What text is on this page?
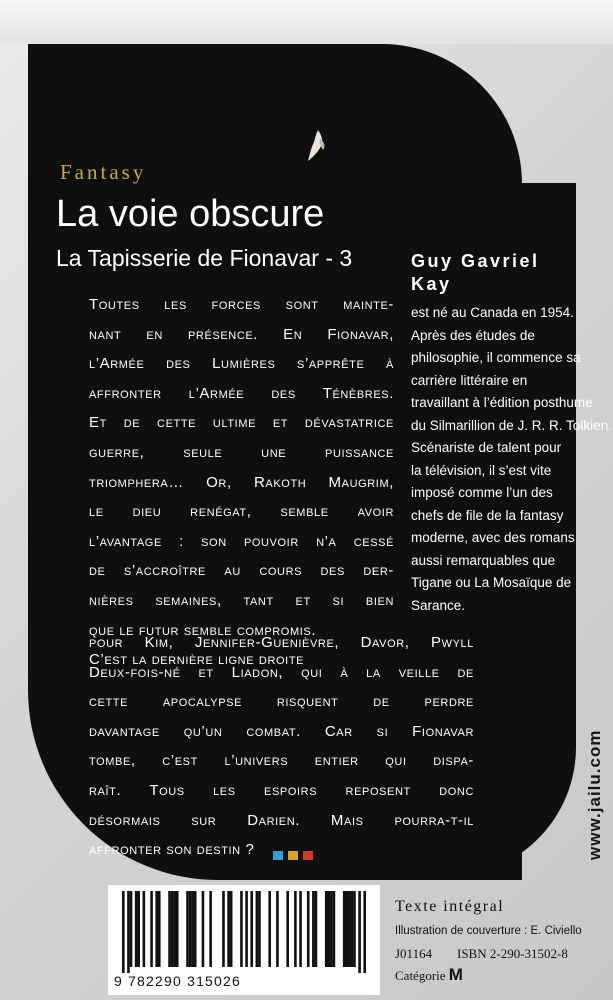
Fantasy
La voie obscure
La Tapisserie de Fionavar - 3	Guy Gavriel
Kay
Toutes les forces sont mainte-
nant en présence. En Fionavar,
l’Armée des Lumières s’apprête à
affronter l’Armée des Ténèbres.
Et de cette ultime et dévastatrice
guerre, seule une puissance
triomphera… Or, Rakoth Maugrim,
le dieu renégat, semble avoir
l’avantage : son pouvoir n’a cessé
de s’accroître au cours des der-
nières semaines, tant et si bien
que le futur semble compromis.
C’est la dernière ligne droite
pour Kim, Jennifer-Guenièvre, Davor, Pwyll
Deux-fois-né et Liadon, qui à la veille de
cette apocalypse risquent de perdre
davantage qu’un combat. Car si Fionavar
tombe, c’est l’univers entier qui dispa-
raît. Tous les espoirs reposent donc
désormais sur Darien. Mais pourra-t-il
affronter son destin ?
est né au Canada en 1954.
Après des études de
philosophie, il commence sa
carrière littéraire en
travaillant à l’édition posthume
du Silmarillion de J. R. R. Tolkien.
Scénariste de talent pour
la télévision, il s’est vite
imposé comme l’un des
chefs de file de la fantasy
moderne, avec des romans
aussi remarquables que
Tigane ou La Mosaïque de
Sarance.
www.jailu.com
9 782290 315026
Texte intégral
Illustration de couverture : E. Civiello
J01164 ISBN 2-290-31502-8
Catégorie M
